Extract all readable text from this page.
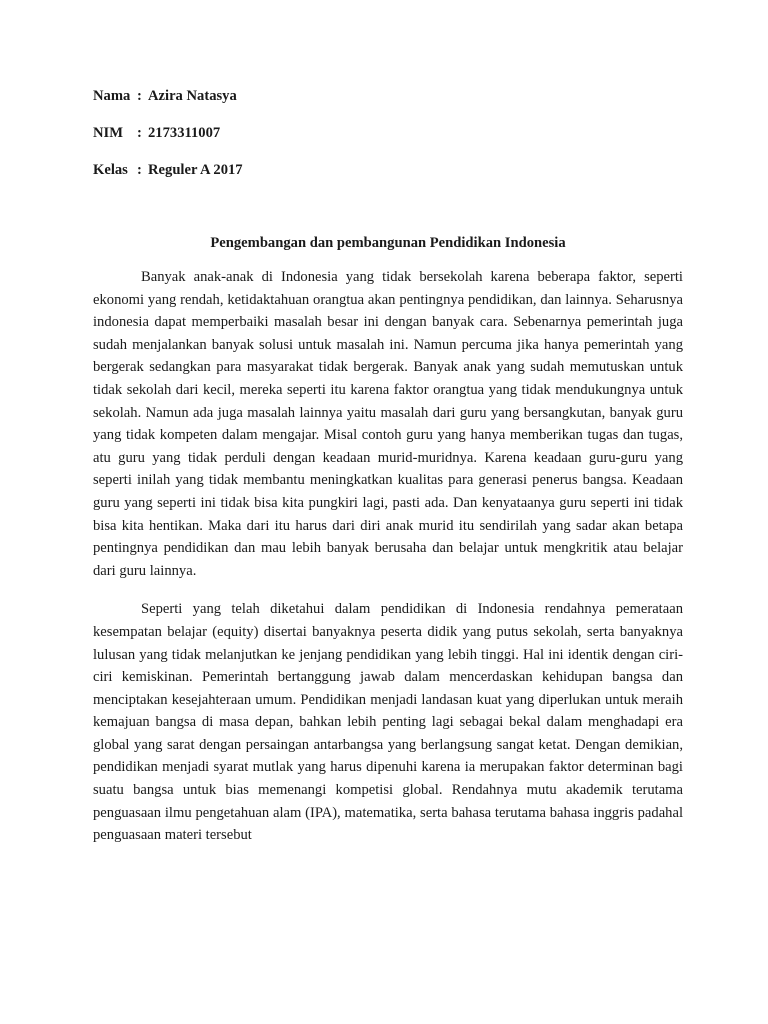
Nama : Azira Natasya
NIM : 2173311007
Kelas : Reguler A 2017
Pengembangan dan pembangunan Pendidikan Indonesia

Banyak anak-anak di Indonesia yang tidak bersekolah karena beberapa faktor, seperti ekonomi yang rendah, ketidaktahuan orangtua akan pentingnya pendidikan, dan lainnya. Seharusnya indonesia dapat memperbaiki masalah besar ini dengan banyak cara. Sebenarnya pemerintah juga sudah menjalankan banyak solusi untuk masalah ini. Namun percuma jika hanya pemerintah yang bergerak sedangkan para masyarakat tidak bergerak. Banyak anak yang sudah memutuskan untuk tidak sekolah dari kecil, mereka seperti itu karena faktor orangtua yang tidak mendukungnya untuk sekolah. Namun ada juga masalah lainnya yaitu masalah dari guru yang bersangkutan, banyak guru yang tidak kompeten dalam mengajar. Misal contoh guru yang hanya memberikan tugas dan tugas, atu guru yang tidak perduli dengan keadaan murid-muridnya. Karena keadaan guru-guru yang seperti inilah yang tidak membantu meningkatkan kualitas para generasi penerus bangsa. Keadaan guru yang seperti ini tidak bisa kita pungkiri lagi, pasti ada. Dan kenyataanya guru seperti ini tidak bisa kita hentikan. Maka dari itu harus dari diri anak murid itu sendirilah yang sadar akan betapa pentingnya pendidikan dan mau lebih banyak berusaha dan belajar untuk mengkritik atau belajar dari guru lainnya.

Seperti yang telah diketahui dalam pendidikan di Indonesia rendahnya pemerataan kesempatan belajar (equity) disertai banyaknya peserta didik yang putus sekolah, serta banyaknya lulusan yang tidak melanjutkan ke jenjang pendidikan yang lebih tinggi. Hal ini identik dengan ciri-ciri kemiskinan. Pemerintah bertanggung jawab dalam mencerdaskan kehidupan bangsa dan menciptakan kesejahteraan umum. Pendidikan menjadi landasan kuat yang diperlukan untuk meraih kemajuan bangsa di masa depan, bahkan lebih penting lagi sebagai bekal dalam menghadapi era global yang sarat dengan persaingan antarbangsa yang berlangsung sangat ketat. Dengan demikian, pendidikan menjadi syarat mutlak yang harus dipenuhi karena ia merupakan faktor determinan bagi suatu bangsa untuk bias memenangi kompetisi global. Rendahnya mutu akademik terutama penguasaan ilmu pengetahuan alam (IPA), matematika, serta bahasa terutama bahasa inggris padahal penguasaan materi tersebut
